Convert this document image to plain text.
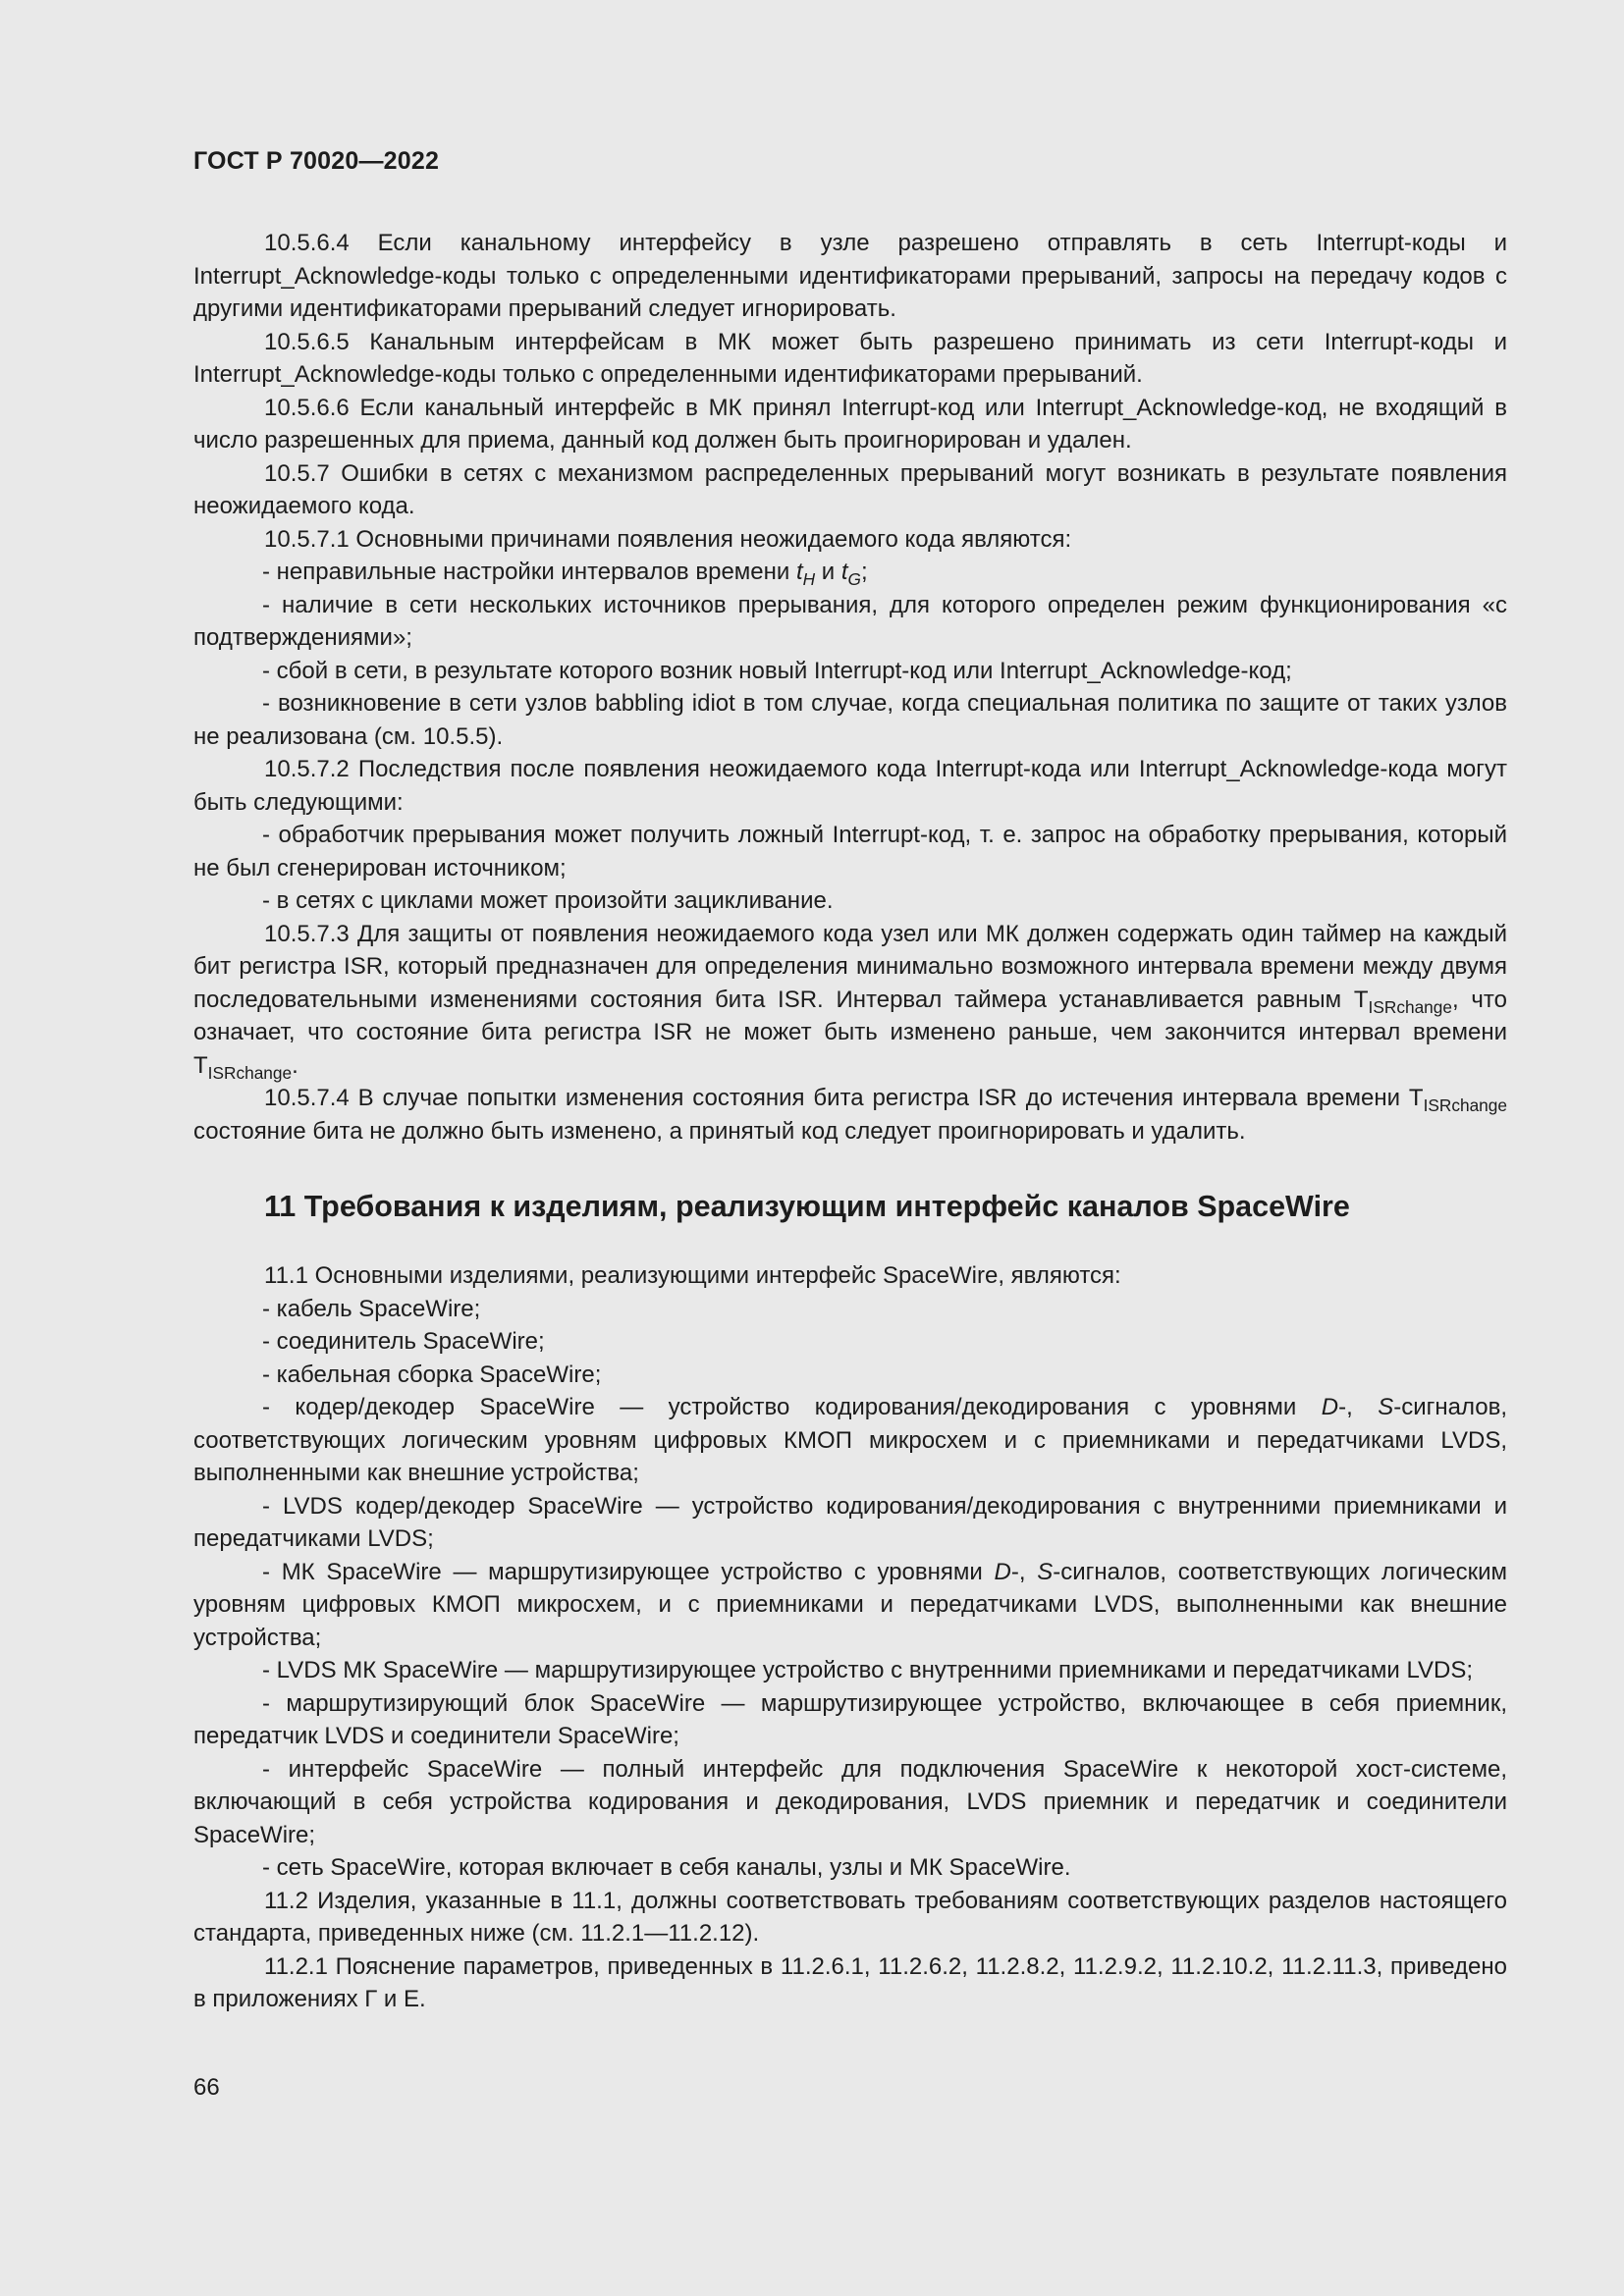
ГОСТ Р 70020—2022

10.5.6.4 Если канальному интерфейсу в узле разрешено отправлять в сеть Interrupt-коды и Interrupt_Acknowledge-коды только с определенными идентификаторами прерываний, запросы на передачу кодов с другими идентификаторами прерываний следует игнорировать.

10.5.6.5 Канальным интерфейсам в МК может быть разрешено принимать из сети Interrupt-коды и Interrupt_Acknowledge-коды только с определенными идентификаторами прерываний.

10.5.6.6 Если канальный интерфейс в МК принял Interrupt-код или Interrupt_Acknowledge-код, не входящий в число разрешенных для приема, данный код должен быть проигнорирован и удален.

10.5.7 Ошибки в сетях с механизмом распределенных прерываний могут возникать в результате появления неожидаемого кода.

10.5.7.1 Основными причинами появления неожидаемого кода являются:

- неправильные настройки интервалов времени $t_H$ и $t_G$;

- наличие в сети нескольких источников прерывания, для которого определен режим функционирования «с подтверждениями»;

- сбой в сети, в результате которого возник новый Interrupt-код или Interrupt_Acknowledge-код;

- возникновение в сети узлов babbling idiot в том случае, когда специальная политика по защите от таких узлов не реализована (см. 10.5.5).

10.5.7.2 Последствия после появления неожидаемого кода Interrupt-кода или Interrupt_Acknowledge-кода могут быть следующими:

- обработчик прерывания может получить ложный Interrupt-код, т. е. запрос на обработку прерывания, который не был сгенерирован источником;

- в сетях с циклами может произойти зацикливание.

10.5.7.3 Для защиты от появления неожидаемого кода узел или МК должен содержать один таймер на каждый бит регистра ISR, который предназначен для определения минимально возможного интервала времени между двумя последовательными изменениями состояния бита ISR. Интервал таймера устанавливается равным $T_{ISRchange}$, что означает, что состояние бита регистра ISR не может быть изменено раньше, чем закончится интервал времени $T_{ISRchange}$.

10.5.7.4 В случае попытки изменения состояния бита регистра ISR до истечения интервала времени $T_{ISRchange}$ состояние бита не должно быть изменено, а принятый код следует проигнорировать и удалить.

11 Требования к изделиям, реализующим интерфейс каналов SpaceWire

11.1 Основными изделиями, реализующими интерфейс SpaceWire, являются:

- кабель SpaceWire;

- соединитель SpaceWire;

- кабельная сборка SpaceWire;

- кодер/декодер SpaceWire — устройство кодирования/декодирования с уровнями D-, S-сигналов, соответствующих логическим уровням цифровых КМОП микросхем и с приемниками и передатчиками LVDS, выполненными как внешние устройства;

- LVDS кодер/декодер SpaceWire — устройство кодирования/декодирования с внутренними приемниками и передатчиками LVDS;

- МК SpaceWire — маршрутизирующее устройство с уровнями D-, S-сигналов, соответствующих логическим уровням цифровых КМОП микросхем, и с приемниками и передатчиками LVDS, выполненными как внешние устройства;

- LVDS МК SpaceWire — маршрутизирующее устройство с внутренними приемниками и передатчиками LVDS;

- маршрутизирующий блок SpaceWire — маршрутизирующее устройство, включающее в себя приемник, передатчик LVDS и соединители SpaceWire;

- интерфейс SpaceWire — полный интерфейс для подключения SpaceWire к некоторой хост-системе, включающий в себя устройства кодирования и декодирования, LVDS приемник и передатчик и соединители SpaceWire;

- сеть SpaceWire, которая включает в себя каналы, узлы и МК SpaceWire.

11.2 Изделия, указанные в 11.1, должны соответствовать требованиям соответствующих разделов настоящего стандарта, приведенных ниже (см. 11.2.1—11.2.12).

11.2.1 Пояснение параметров, приведенных в 11.2.6.1, 11.2.6.2, 11.2.8.2, 11.2.9.2, 11.2.10.2, 11.2.11.3, приведено в приложениях Г и Е.

66
